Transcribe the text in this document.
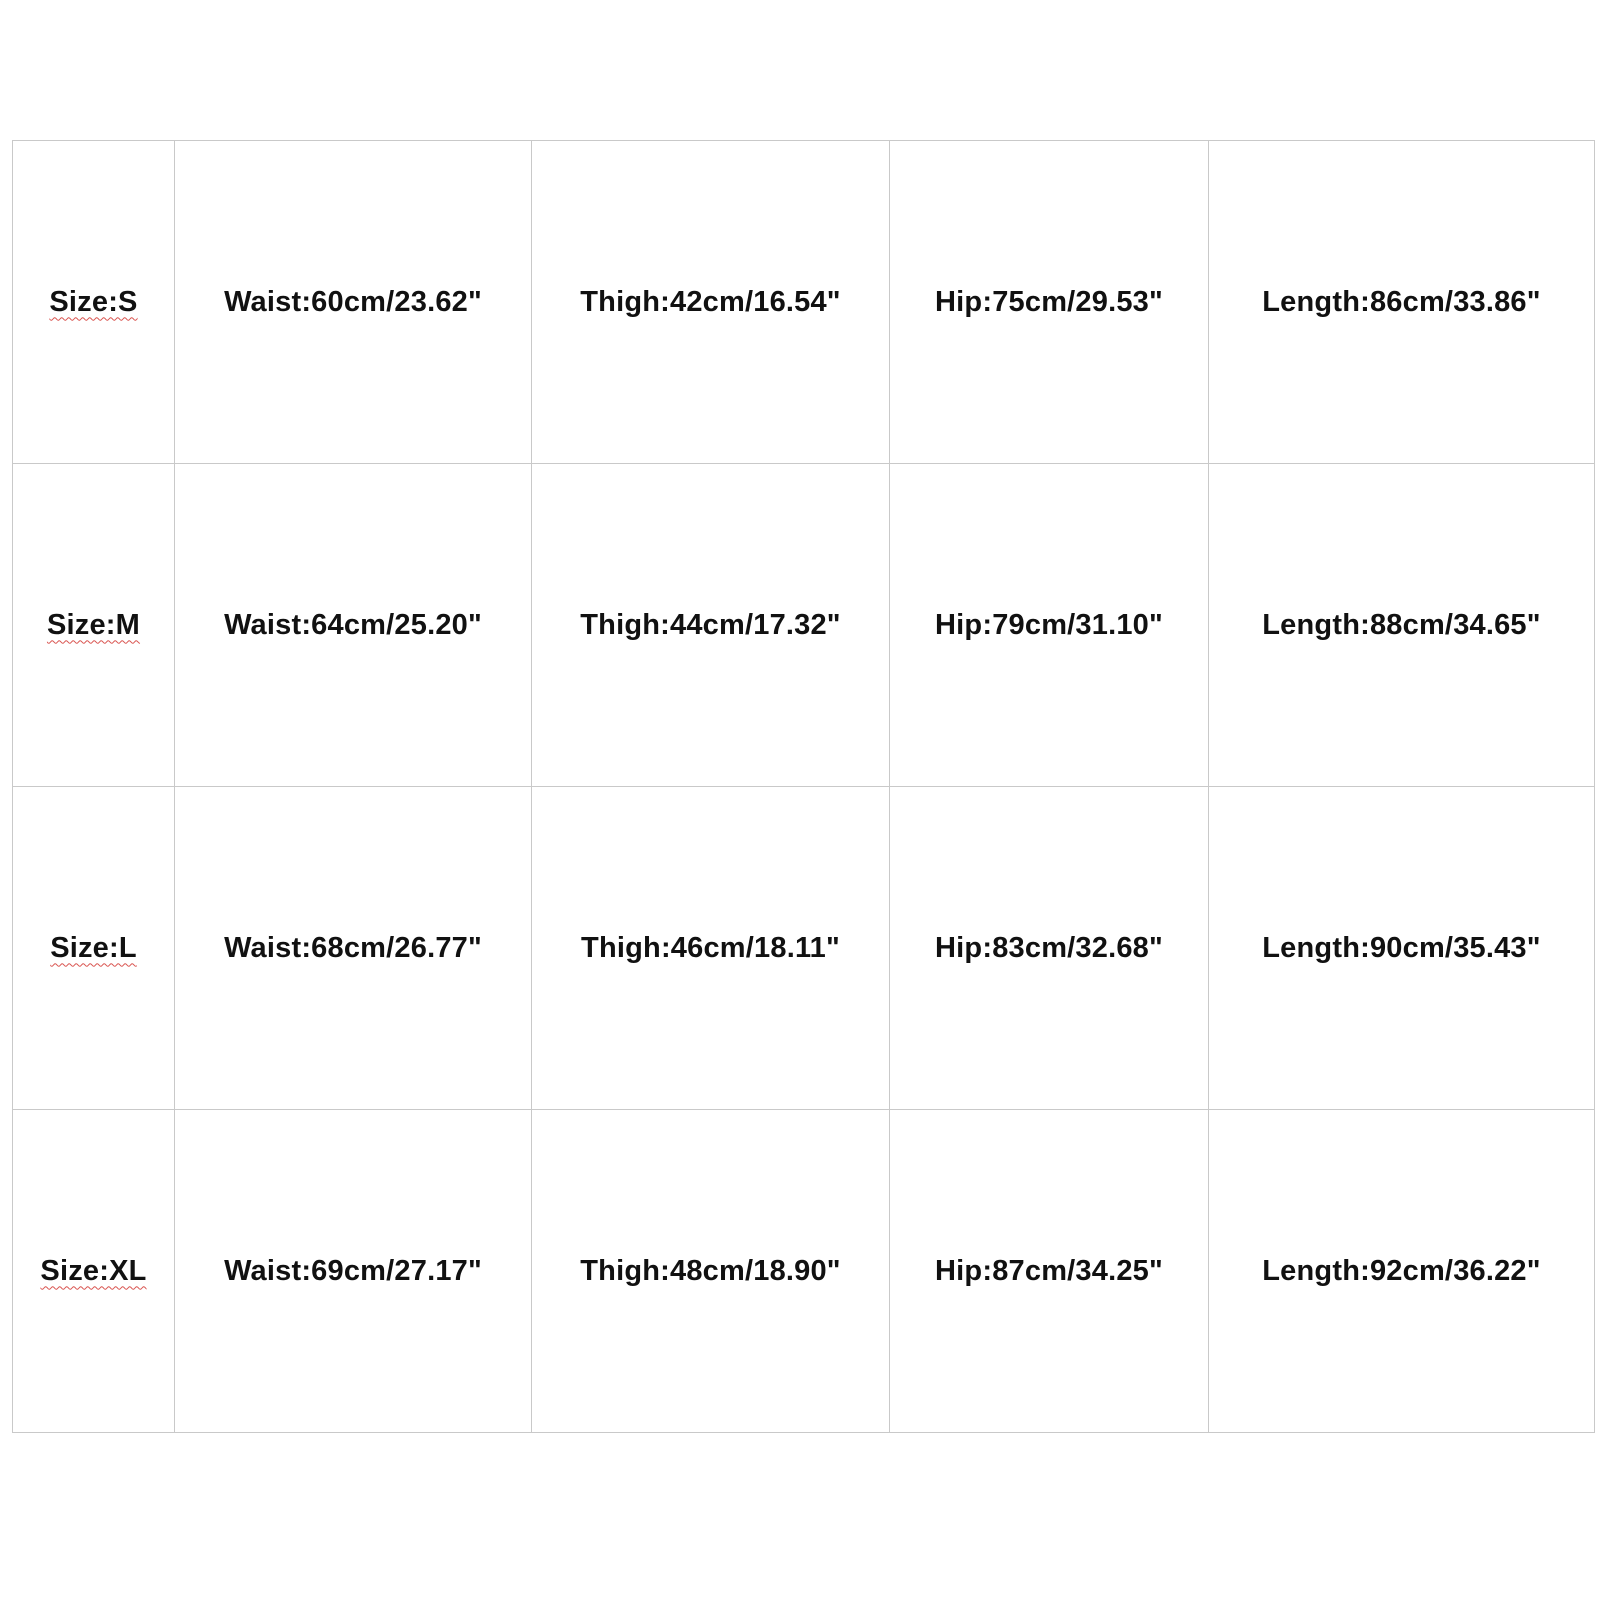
Size:S	Waist:60cm/23.62"	Thigh:42cm/16.54"	Hip:75cm/29.53"	Length:86cm/33.86"
Size:M	Waist:64cm/25.20"	Thigh:44cm/17.32"	Hip:79cm/31.10"	Length:88cm/34.65"
Size:L	Waist:68cm/26.77"	Thigh:46cm/18.11"	Hip:83cm/32.68"	Length:90cm/35.43"
Size:XL	Waist:69cm/27.17"	Thigh:48cm/18.90"	Hip:87cm/34.25"	Length:92cm/36.22"
